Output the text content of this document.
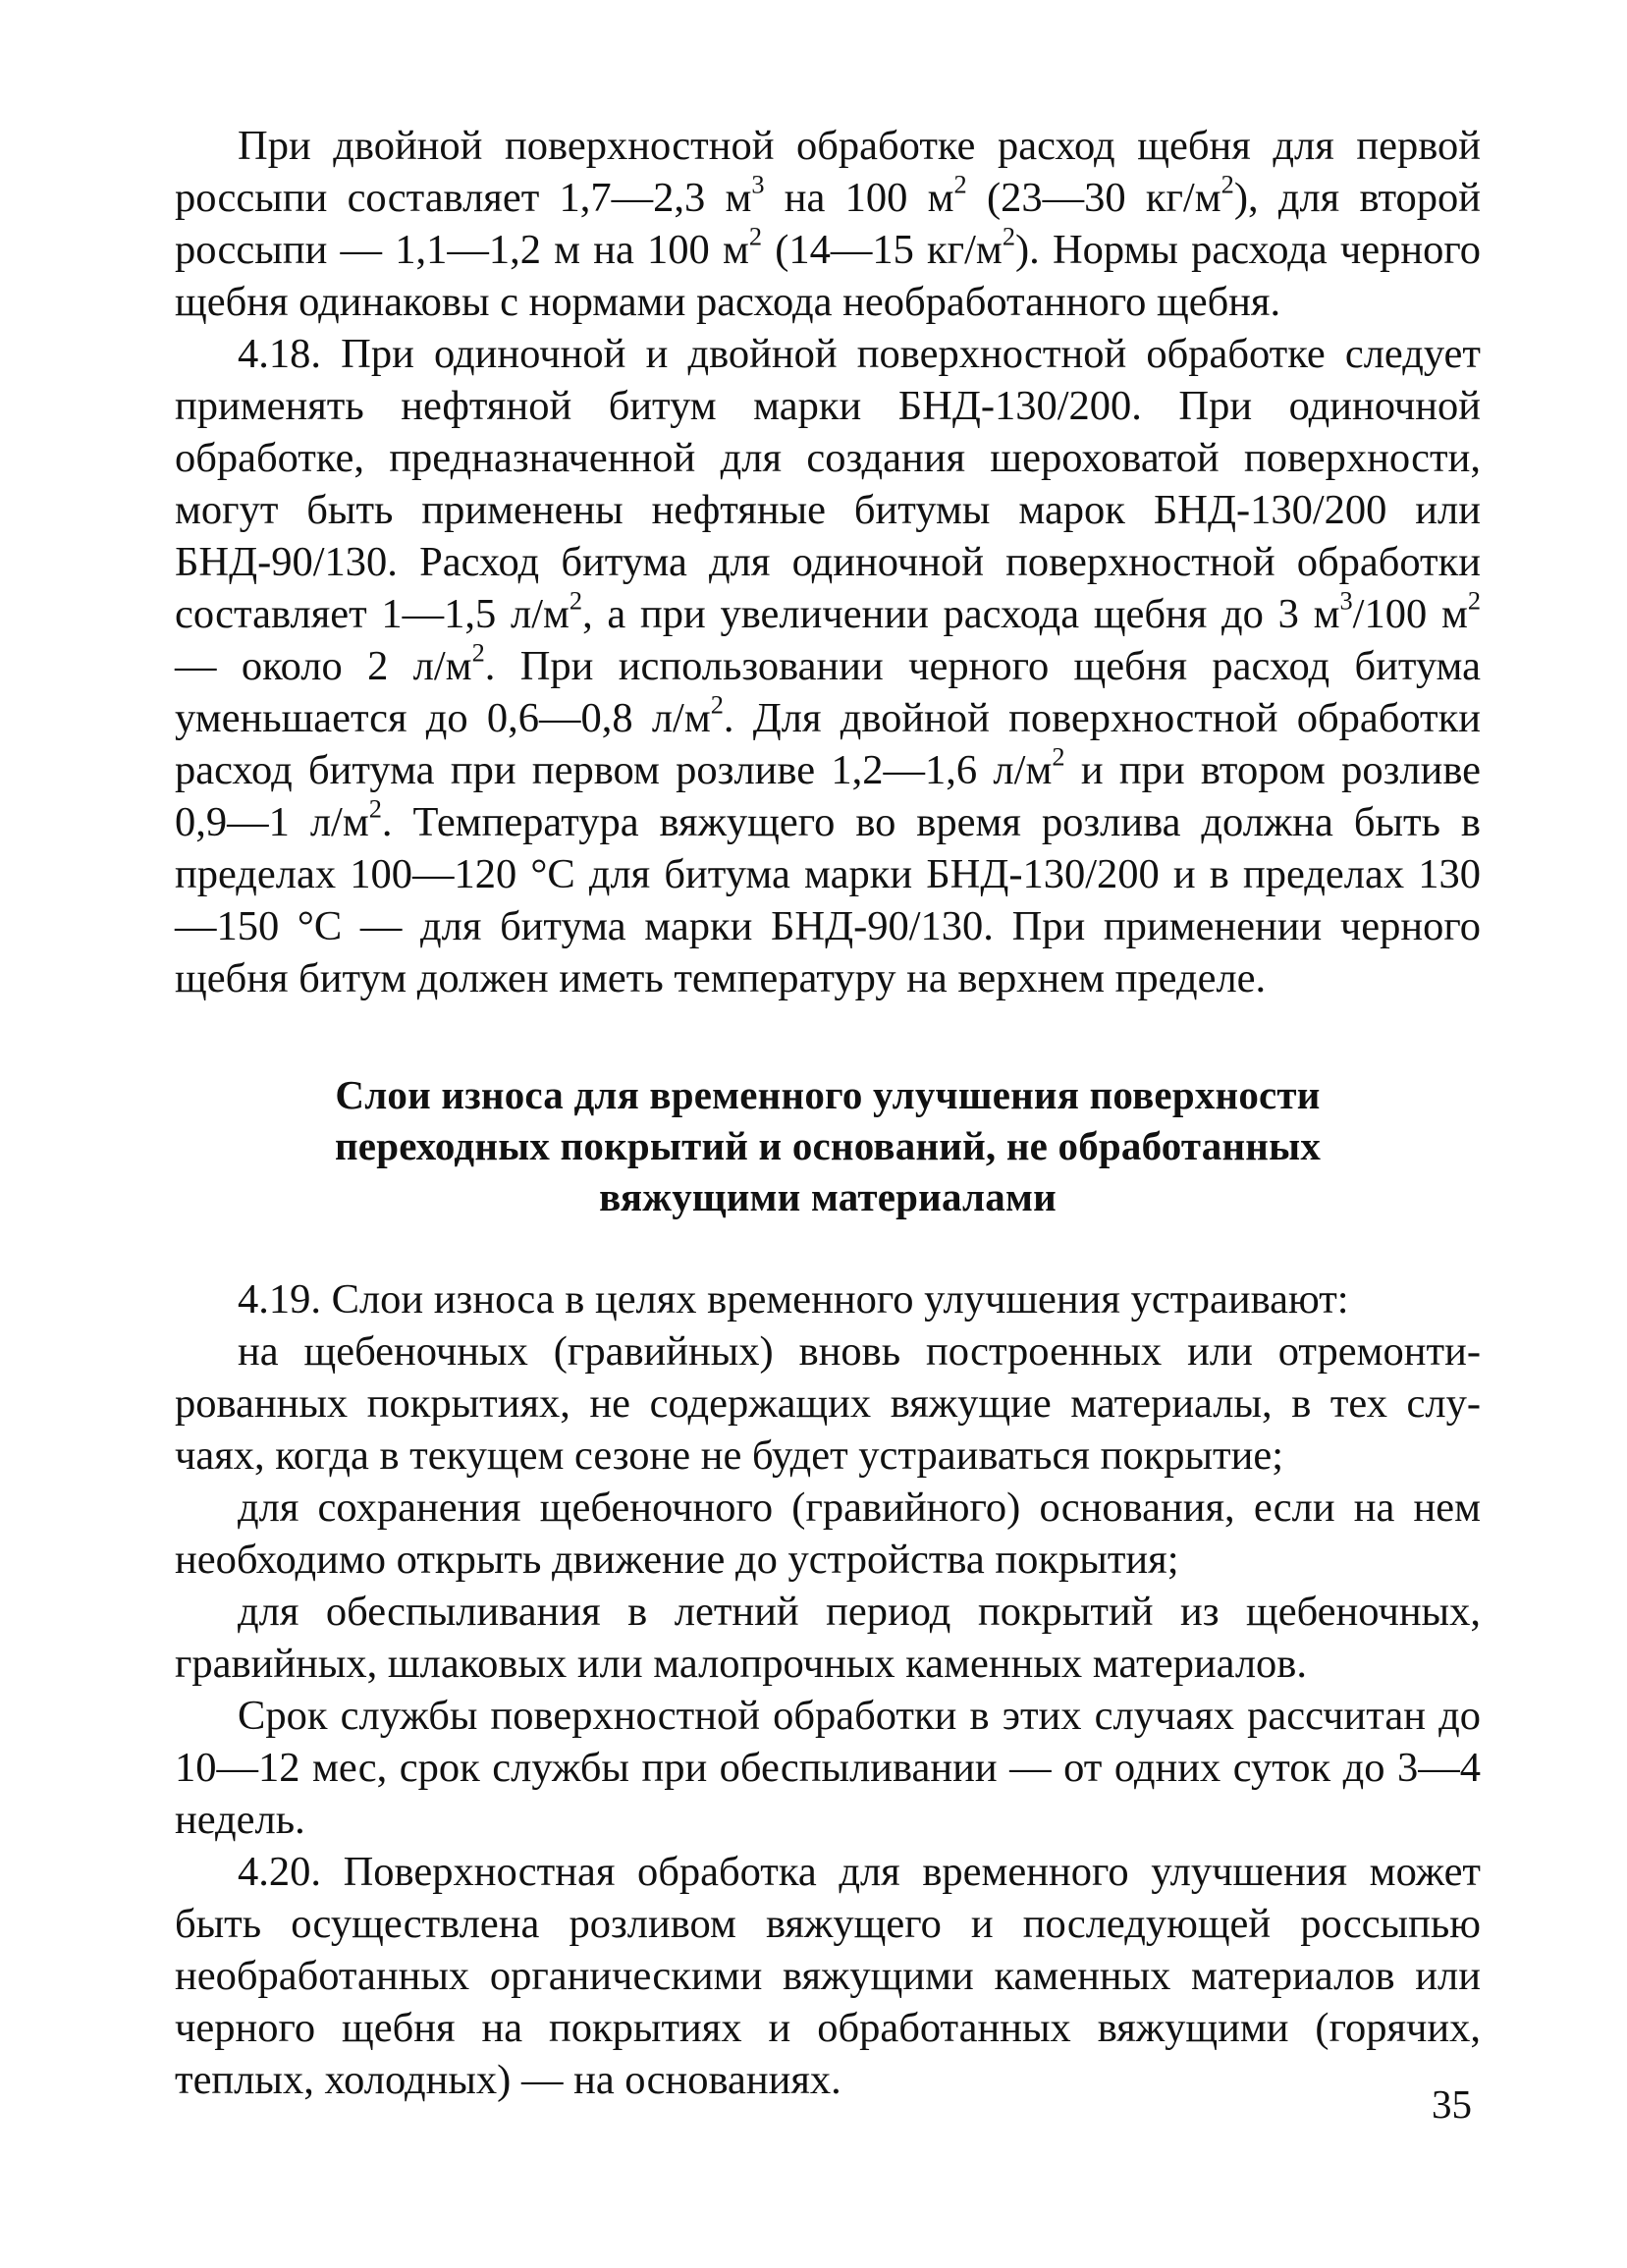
При двойной поверхностной обработке расход щебня для первой россыпи составляет 1,7—2,3 $м^3$ на 100 $м^2$ (23—30 $кг/м^2$), для второй россыпи — 1,1—1,2 м на 100 $м^2$ (14—15 $кг/м^2$). Нормы расхода черного щебня одинаковы с нормами расхода необработанного щебня.

4.18. При одиночной и двойной поверхностной обработке следует применять нефтяной битум марки БНД-130/200. При одиночной обработке, предназначенной для создания шероховатой поверхности, могут быть применены нефтяные битумы марок БНД-130/200 или БНД-90/130. Расход битума для одиночной поверхностной обработки составляет 1—1,5 $л/м^2$, а при увеличении расхода щебня до 3 $м^3/100$ $м^2$ — около 2 $л/м^2$. При использовании черного щебня расход битума уменьшается до 0,6—0,8 $л/м^2$. Для двойной поверхностной обработки расход битума при первом розливе 1,2—1,6 $л/м^2$ и при втором розливе 0,9—1 $л/м^2$. Температура вяжущего во время розлива должна быть в пределах 100—120 °С для битума марки БНД-130/200 и в пределах 130—150 °С — для битума марки БНД-90/130. При применении черного щебня битум должен иметь температуру на верхнем пределе.

Слои износа для временного улучшения поверхности
переходных покрытий и оснований, не обработанных
вяжущими материалами

4.19. Слои износа в целях временного улучшения устраивают:

на щебеночных (гравийных) вновь построенных или отремонтированных покрытиях, не содержащих вяжущие материалы, в тех случаях, когда в текущем сезоне не будет устраиваться покрытие;

для сохранения щебеночного (гравийного) основания, если на нем необходимо открыть движение до устройства покрытия;

для обеспыливания в летний период покрытий из щебеночных, гравийных, шлаковых или малопрочных каменных материалов.

Срок службы поверхностной обработки в этих случаях рассчитан до 10—12 мес, срок службы при обеспыливании — от одних суток до 3—4 недель.

4.20. Поверхностная обработка для временного улучшения может быть осуществлена розливом вяжущего и последующей россыпью необработанных органическими вяжущими каменных материалов или черного щебня на покрытиях и обработанных вяжущими (горячих, теплых, холодных) — на основаниях.

35
